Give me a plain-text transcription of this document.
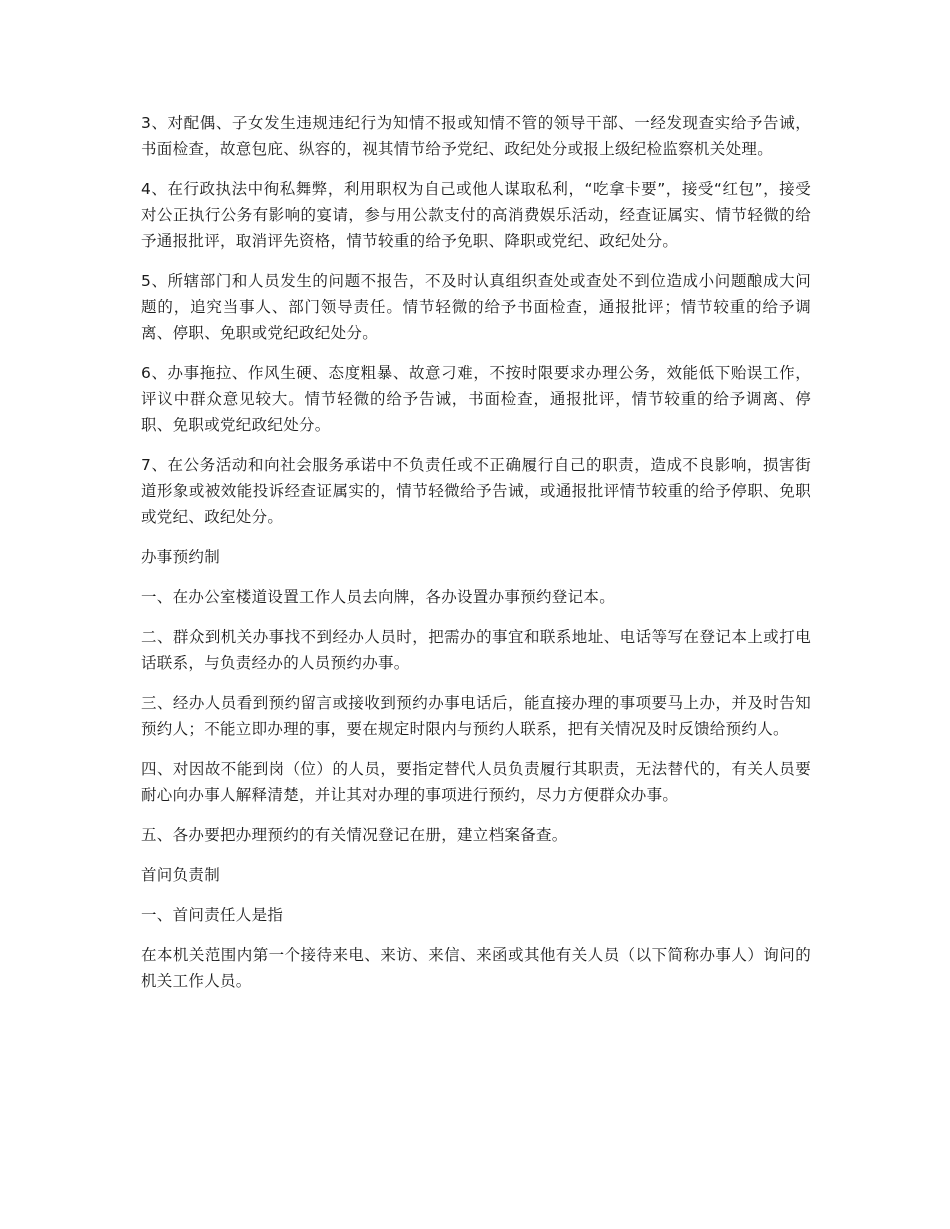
3、对配偶、子女发生违规违纪行为知情不报或知情不管的领导干部、一经发现查实给予告诫，书面检查，故意包庇、纵容的，视其情节给予党纪、政纪处分或报上级纪检监察机关处理。

4、在行政执法中徇私舞弊，利用职权为自己或他人谋取私利，“吃拿卡要”，接受“红包”，接受对公正执行公务有影响的宴请，参与用公款支付的高消费娱乐活动，经查证属实、情节轻微的给予通报批评，取消评先资格，情节较重的给予免职、降职或党纪、政纪处分。

5、所辖部门和人员发生的问题不报告，不及时认真组织查处或查处不到位造成小问题酿成大问题的，追究当事人、部门领导责任。情节轻微的给予书面检查，通报批评；情节较重的给予调离、停职、免职或党纪政纪处分。

6、办事拖拉、作风生硬、态度粗暴、故意刁难，不按时限要求办理公务，效能低下贻误工作，评议中群众意见较大。情节轻微的给予告诫，书面检查，通报批评，情节较重的给予调离、停职、免职或党纪政纪处分。

7、在公务活动和向社会服务承诺中不负责任或不正确履行自己的职责，造成不良影响，损害街道形象或被效能投诉经查证属实的，情节轻微给予告诫，或通报批评情节较重的给予停职、免职或党纪、政纪处分。

办事预约制

一、在办公室楼道设置工作人员去向牌，各办设置办事预约登记本。

二、群众到机关办事找不到经办人员时，把需办的事宜和联系地址、电话等写在登记本上或打电话联系，与负责经办的人员预约办事。

三、经办人员看到预约留言或接收到预约办事电话后，能直接办理的事项要马上办，并及时告知预约人；不能立即办理的事，要在规定时限内与预约人联系，把有关情况及时反馈给预约人。

四、对因故不能到岗（位）的人员，要指定替代人员负责履行其职责，无法替代的，有关人员要耐心向办事人解释清楚，并让其对办理的事项进行预约，尽力方便群众办事。

五、各办要把办理预约的有关情况登记在册，建立档案备查。

首问负责制

一、首问责任人是指

在本机关范围内第一个接待来电、来访、来信、来函或其他有关人员（以下简称办事人）询问的机关工作人员。
